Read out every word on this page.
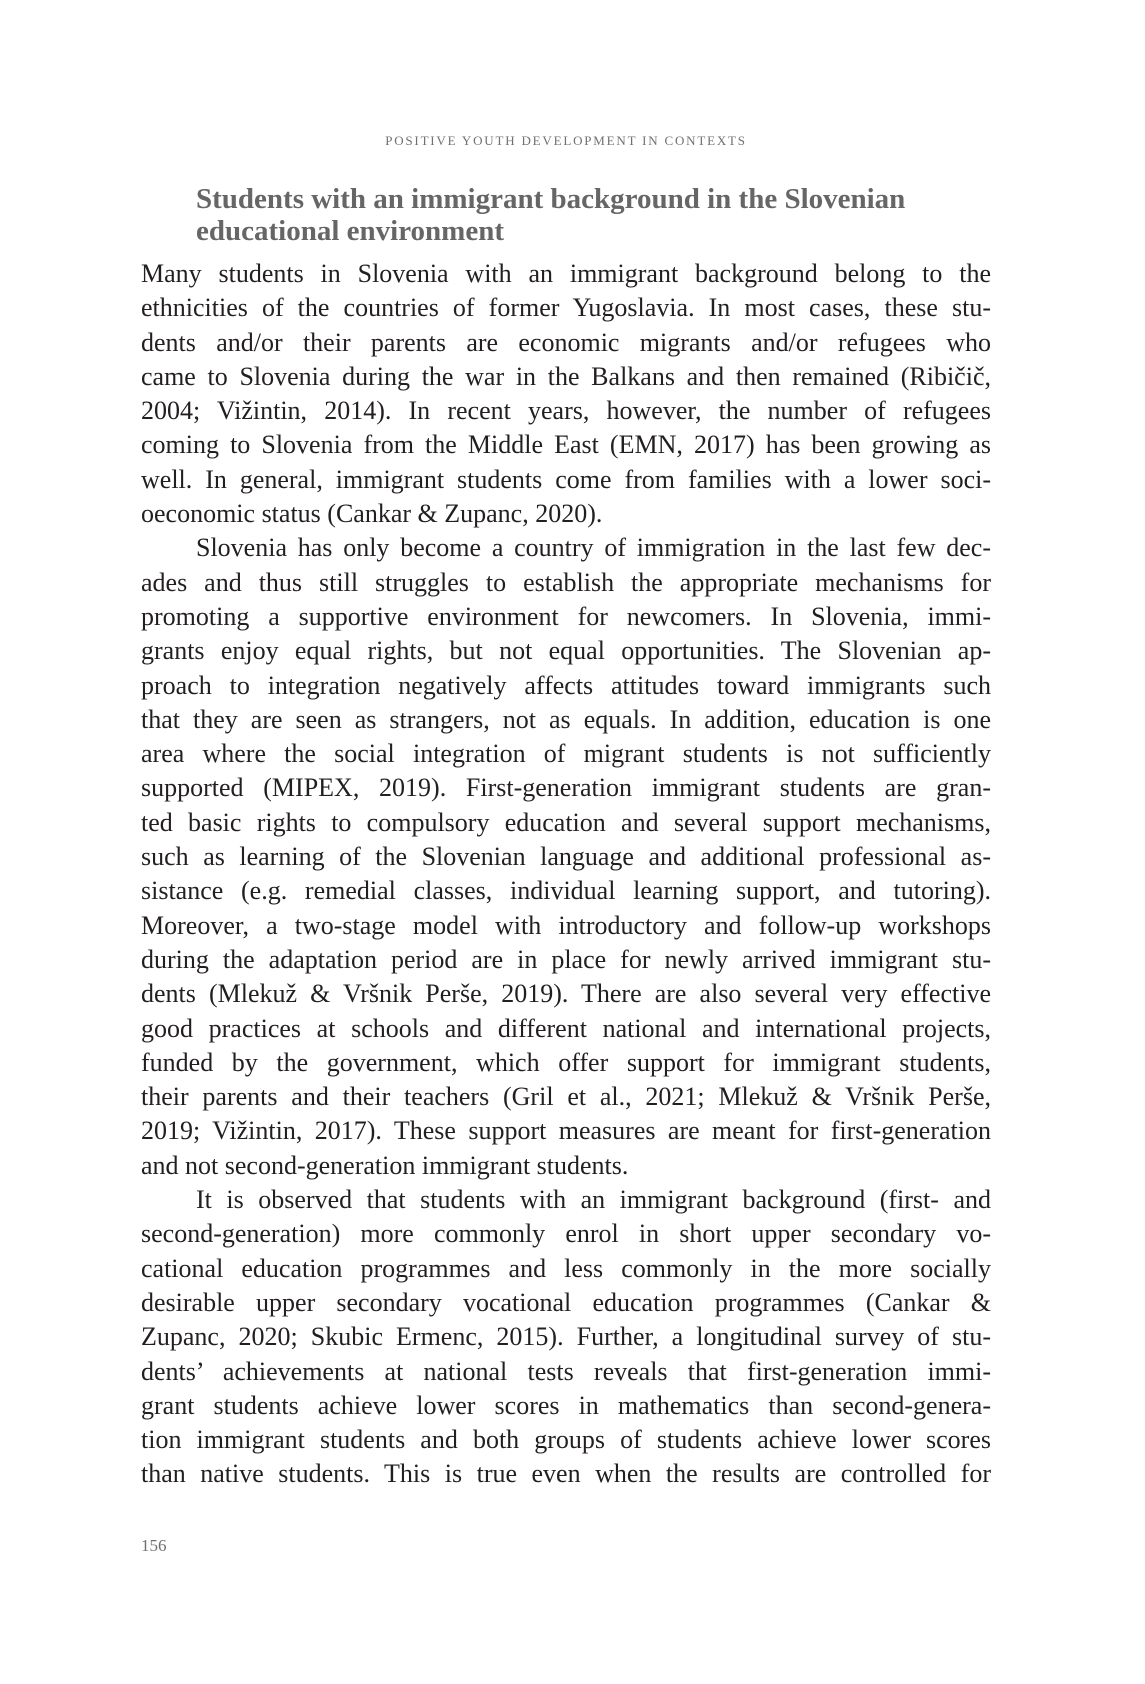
POSITIVE YOUTH DEVELOPMENT IN CONTEXTS
Students with an immigrant background in the Slovenian
educational environment
Many students in Slovenia with an immigrant background belong to the
ethnicities of the countries of former Yugoslavia. In most cases, these stu-
dents and/or their parents are economic migrants and/or refugees who
came to Slovenia during the war in the Balkans and then remained (Ribičič,
2004; Vižintin, 2014). In recent years, however, the number of refugees
coming to Slovenia from the Middle East (EMN, 2017) has been growing as
well. In general, immigrant students come from families with a lower soci-
oeconomic status (Cankar & Zupanc, 2020).
Slovenia has only become a country of immigration in the last few dec-
ades and thus still struggles to establish the appropriate mechanisms for
promoting a supportive environment for newcomers. In Slovenia, immi-
grants enjoy equal rights, but not equal opportunities. The Slovenian ap-
proach to integration negatively affects attitudes toward immigrants such
that they are seen as strangers, not as equals. In addition, education is one
area where the social integration of migrant students is not sufficiently
supported (MIPEX, 2019). First-generation immigrant students are gran-
ted basic rights to compulsory education and several support mechanisms,
such as learning of the Slovenian language and additional professional as-
sistance (e.g. remedial classes, individual learning support, and tutoring).
Moreover, a two-stage model with introductory and follow-up workshops
during the adaptation period are in place for newly arrived immigrant stu-
dents (Mlekuž & Vršnik Perše, 2019). There are also several very effective
good practices at schools and different national and international projects,
funded by the government, which offer support for immigrant students,
their parents and their teachers (Gril et al., 2021; Mlekuž & Vršnik Perše,
2019; Vižintin, 2017). These support measures are meant for first-generation
and not second-generation immigrant students.
It is observed that students with an immigrant background (first- and
second-generation) more commonly enrol in short upper secondary vo-
cational education programmes and less commonly in the more socially
desirable upper secondary vocational education programmes (Cankar &
Zupanc, 2020; Skubic Ermenc, 2015). Further, a longitudinal survey of stu-
dents’ achievements at national tests reveals that first-generation immi-
grant students achieve lower scores in mathematics than second-genera-
tion immigrant students and both groups of students achieve lower scores
than native students. This is true even when the results are controlled for
156
